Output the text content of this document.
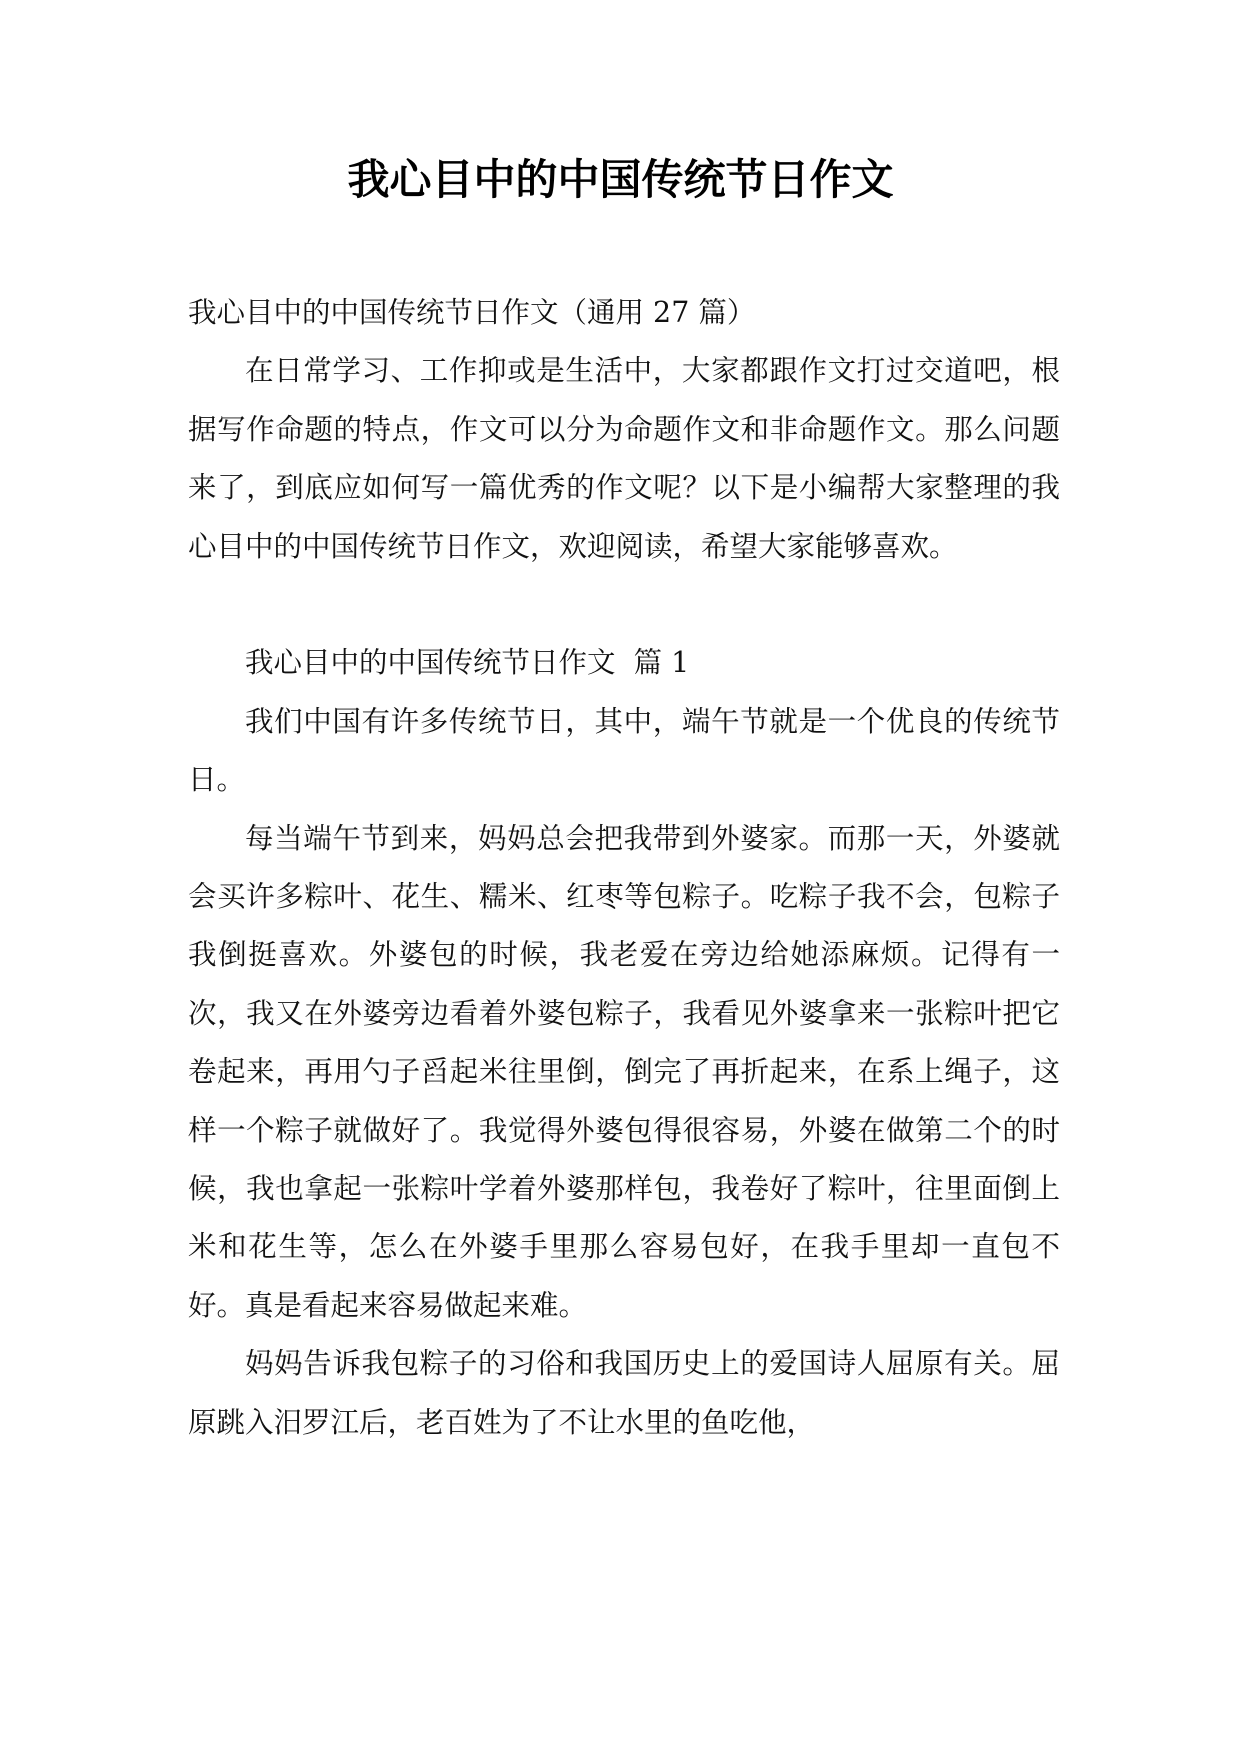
我心目中的中国传统节日作文

我心目中的中国传统节日作文（通用 27 篇）

在日常学习、工作抑或是生活中，大家都跟作文打过交道吧，根据写作命题的特点，作文可以分为命题作文和非命题作文。那么问题来了，到底应如何写一篇优秀的作文呢？以下是小编帮大家整理的我心目中的中国传统节日作文，欢迎阅读，希望大家能够喜欢。

我心目中的中国传统节日作文  篇 1

我们中国有许多传统节日，其中，端午节就是一个优良的传统节日。

每当端午节到来，妈妈总会把我带到外婆家。而那一天，外婆就会买许多粽叶、花生、糯米、红枣等包粽子。吃粽子我不会，包粽子我倒挺喜欢。外婆包的时候，我老爱在旁边给她添麻烦。记得有一次，我又在外婆旁边看着外婆包粽子，我看见外婆拿来一张粽叶把它卷起来，再用勺子舀起米往里倒，倒完了再折起来，在系上绳子，这样一个粽子就做好了。我觉得外婆包得很容易，外婆在做第二个的时候，我也拿起一张粽叶学着外婆那样包，我卷好了粽叶，往里面倒上米和花生等，怎么在外婆手里那么容易包好，在我手里却一直包不好。真是看起来容易做起来难。

妈妈告诉我包粽子的习俗和我国历史上的爱国诗人屈原有关。屈原跳入汨罗江后，老百姓为了不让水里的鱼吃他，
